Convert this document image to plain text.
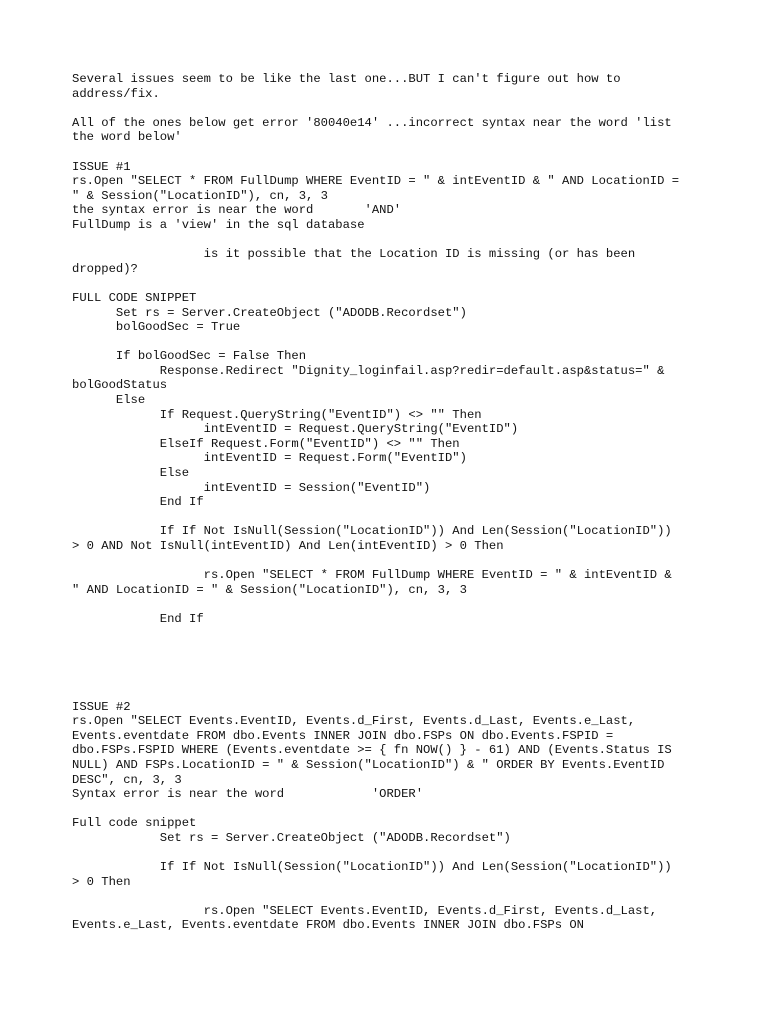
Several issues seem to be like the last one...BUT I can't figure out how to
address/fix.
All of the ones below get error '80040e14' ...incorrect syntax near the word 'list
the word below'
ISSUE #1
rs.Open "SELECT * FROM FullDump WHERE EventID = " & intEventID & " AND LocationID =
" & Session("LocationID"), cn, 3, 3
the syntax error is near the word       'AND'
FullDump is a 'view' in the sql database
is it possible that the Location ID is missing (or has been
dropped)?
FULL CODE SNIPPET
Set rs = Server.CreateObject ("ADODB.Recordset")
bolGoodSec = True
If bolGoodSec = False Then
Response.Redirect "Dignity_loginfail.asp?redir=default.asp&status=" &
bolGoodStatus
Else
If Request.QueryString("EventID") <> "" Then
intEventID = Request.QueryString("EventID")
ElseIf Request.Form("EventID") <> "" Then
intEventID = Request.Form("EventID")
Else
intEventID = Session("EventID")
End If
If If Not IsNull(Session("LocationID")) And Len(Session("LocationID"))
> 0 AND Not IsNull(intEventID) And Len(intEventID) > 0 Then
rs.Open "SELECT * FROM FullDump WHERE EventID = " & intEventID &
" AND LocationID = " & Session("LocationID"), cn, 3, 3
End If
ISSUE #2
rs.Open "SELECT Events.EventID, Events.d_First, Events.d_Last, Events.e_Last,
Events.eventdate FROM dbo.Events INNER JOIN dbo.FSPs ON dbo.Events.FSPID =
dbo.FSPs.FSPID WHERE (Events.eventdate >= { fn NOW() } - 61) AND (Events.Status IS
NULL) AND FSPs.LocationID = " & Session("LocationID") & " ORDER BY Events.EventID
DESC", cn, 3, 3
Syntax error is near the word            'ORDER'
Full code snippet
Set rs = Server.CreateObject ("ADODB.Recordset")
If If Not IsNull(Session("LocationID")) And Len(Session("LocationID"))
> 0 Then
rs.Open "SELECT Events.EventID, Events.d_First, Events.d_Last,
Events.e_Last, Events.eventdate FROM dbo.Events INNER JOIN dbo.FSPs ON
